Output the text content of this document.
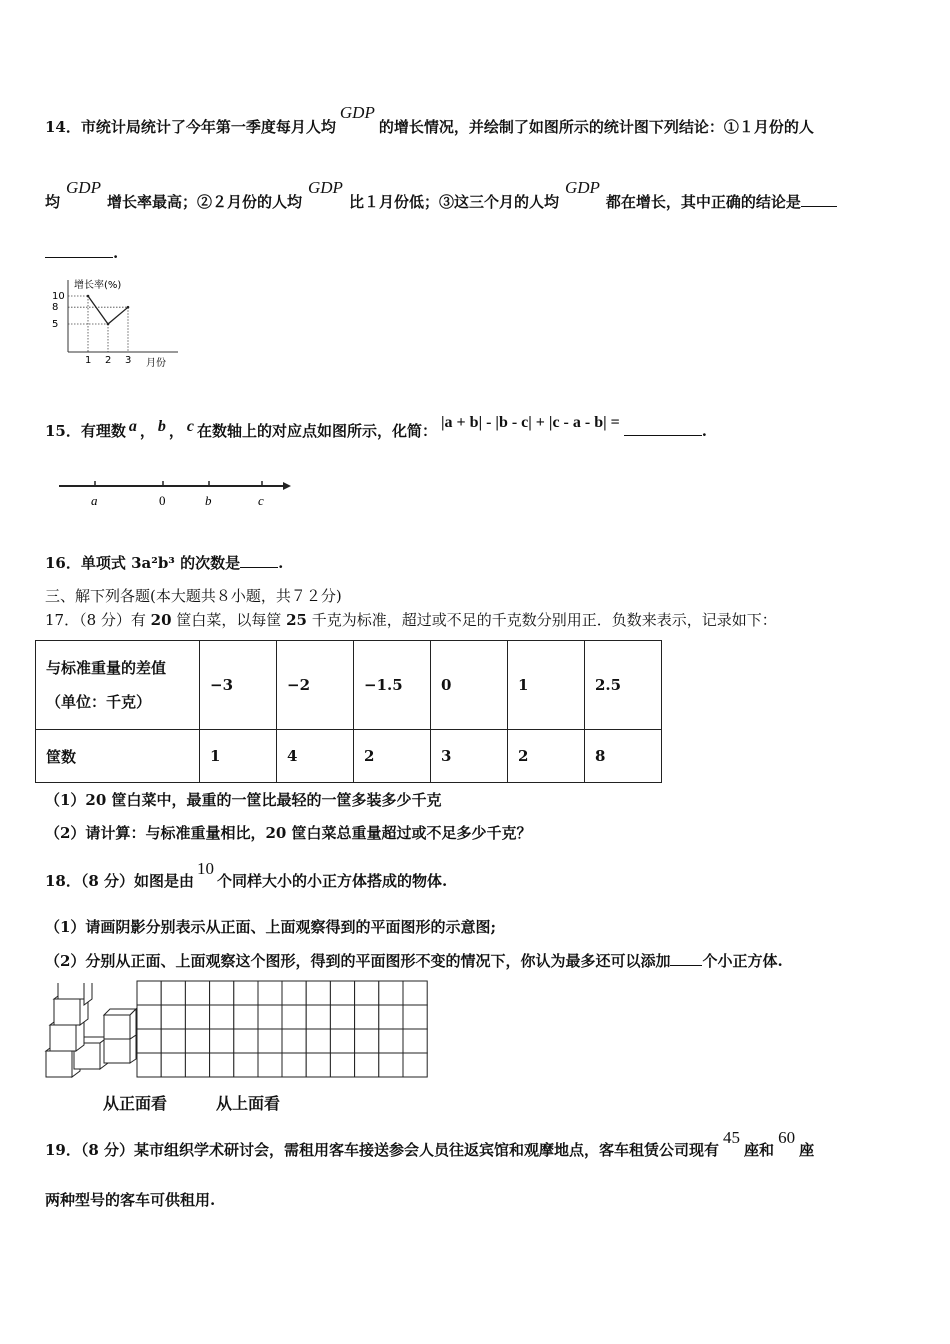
14．市统计局统计了今年第一季度每月人均GDP的增长情况，并绘制了如图所示的统计图下列结论：①１月份的人
均GDP增长率最高；②２月份的人均GDP比１月份低；③这三个月的人均GDP都在增长，其中正确的结论是
.
增长率(%)
月份
5
8
10
1 2 3
15．有理数 a ， b ， c 在数轴上的对应点如图所示，化简： |a + b| - |b - c| + |c - a - b| =	.
a	0	b	c
16．单项式 3a²b³ 的次数是	.
三、解下列各题(本大题共８小题，共７２分)
17．（8 分）有 20 筐白菜，以每筐 25 千克为标准，超过或不足的千克数分别用正．负数来表示，记录如下：
与标准重量的差值
（单位：千克）	−3	−2	−1.5	0	1	2.5
筐数	1	4	2	3	2	8
（1）20 筐白菜中，最重的一筐比最轻的一筐多装多少千克
（2）请计算：与标准重量相比，20 筐白菜总重量超过或不足多少千克？
18．（8 分）如图是由10个同样大小的小正方体搭成的物体.
（1）请画阴影分别表示从正面、上面观察得到的平面图形的示意图;
（2）分别从正面、上面观察这个图形，得到的平面图形不变的情况下，你认为最多还可以添加 个小正方体.
从正面看	从上面看
19．（8 分）某市组织学术研讨会，需租用客车接送参会人员往返宾馆和观摩地点，客车租赁公司现有45座和60座
两种型号的客车可供租用.
